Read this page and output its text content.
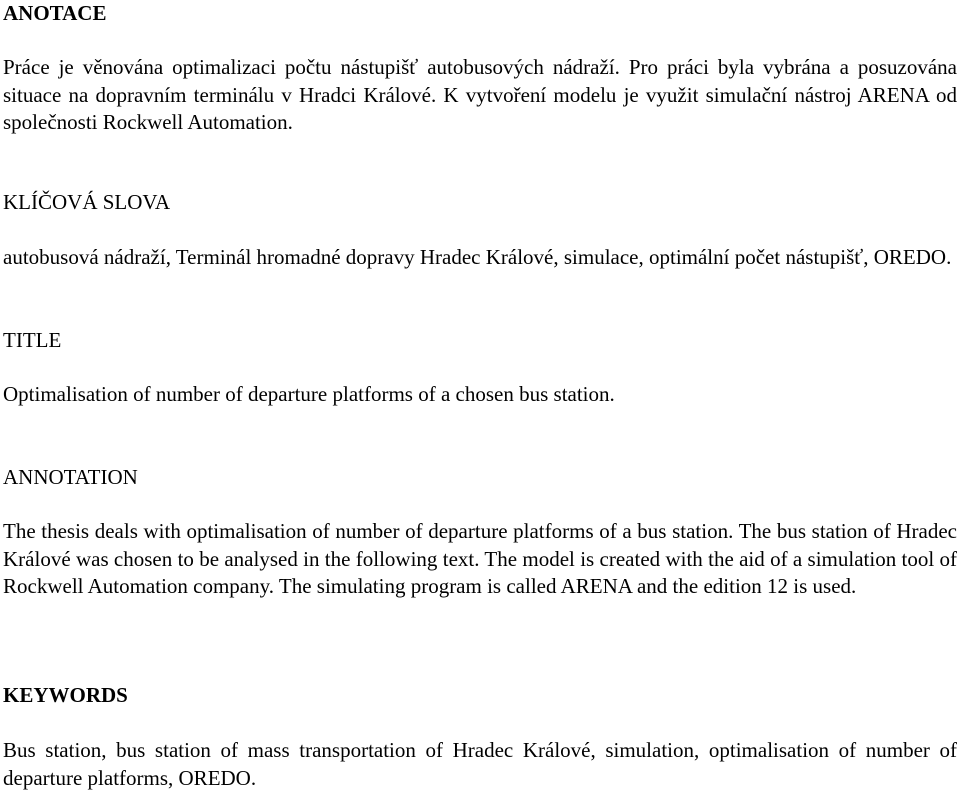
ANOTACE
Práce je věnována optimalizaci počtu nástupišť autobusových nádraží. Pro práci byla vybrána a posuzována situace na dopravním terminálu v Hradci Králové. K vytvoření modelu je využit simulační nástroj ARENA od společnosti Rockwell Automation.
KLÍČOVÁ SLOVA
autobusová nádraží, Terminál hromadné dopravy Hradec Králové, simulace, optimální počet nástupišť, OREDO.
TITLE
Optimalisation of number of departure platforms of a chosen bus station.
ANNOTATION
The thesis deals with optimalisation of number of departure platforms of a bus station. The bus station of Hradec Králové was chosen to be analysed in the following text. The model is created with the aid of a simulation tool of Rockwell Automation company. The simulating program is called ARENA and the edition 12 is used.
KEYWORDS
Bus station, bus station of mass transportation of Hradec Králové, simulation, optimalisation of number of departure platforms, OREDO.
